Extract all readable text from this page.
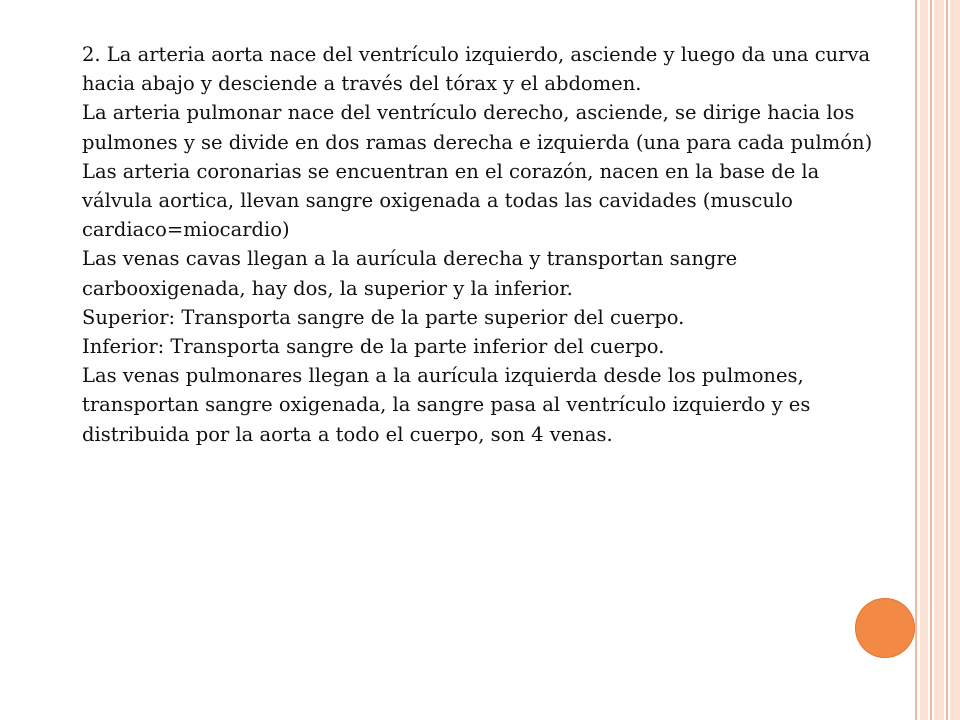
2. La arteria aorta nace del ventrículo izquierdo, asciende y luego da una curva hacia abajo y desciende a través del tórax y el abdomen.

La arteria pulmonar nace del ventrículo derecho, asciende, se dirige hacia los pulmones y se divide en dos ramas derecha e izquierda (una para cada pulmón)

Las arteria coronarias se encuentran en el corazón, nacen en la base de la válvula aortica, llevan sangre oxigenada a todas las cavidades (musculo cardiaco=miocardio)

Las venas cavas llegan a la aurícula derecha y transportan sangre carbooxigenada, hay dos, la superior y la inferior.

Superior: Transporta sangre de la parte superior del cuerpo.

Inferior: Transporta sangre de la parte inferior del cuerpo.

Las venas pulmonares llegan a la aurícula izquierda desde los pulmones, transportan sangre oxigenada, la sangre pasa al ventrículo izquierdo y es distribuida por la aorta a todo el cuerpo, son 4 venas.
